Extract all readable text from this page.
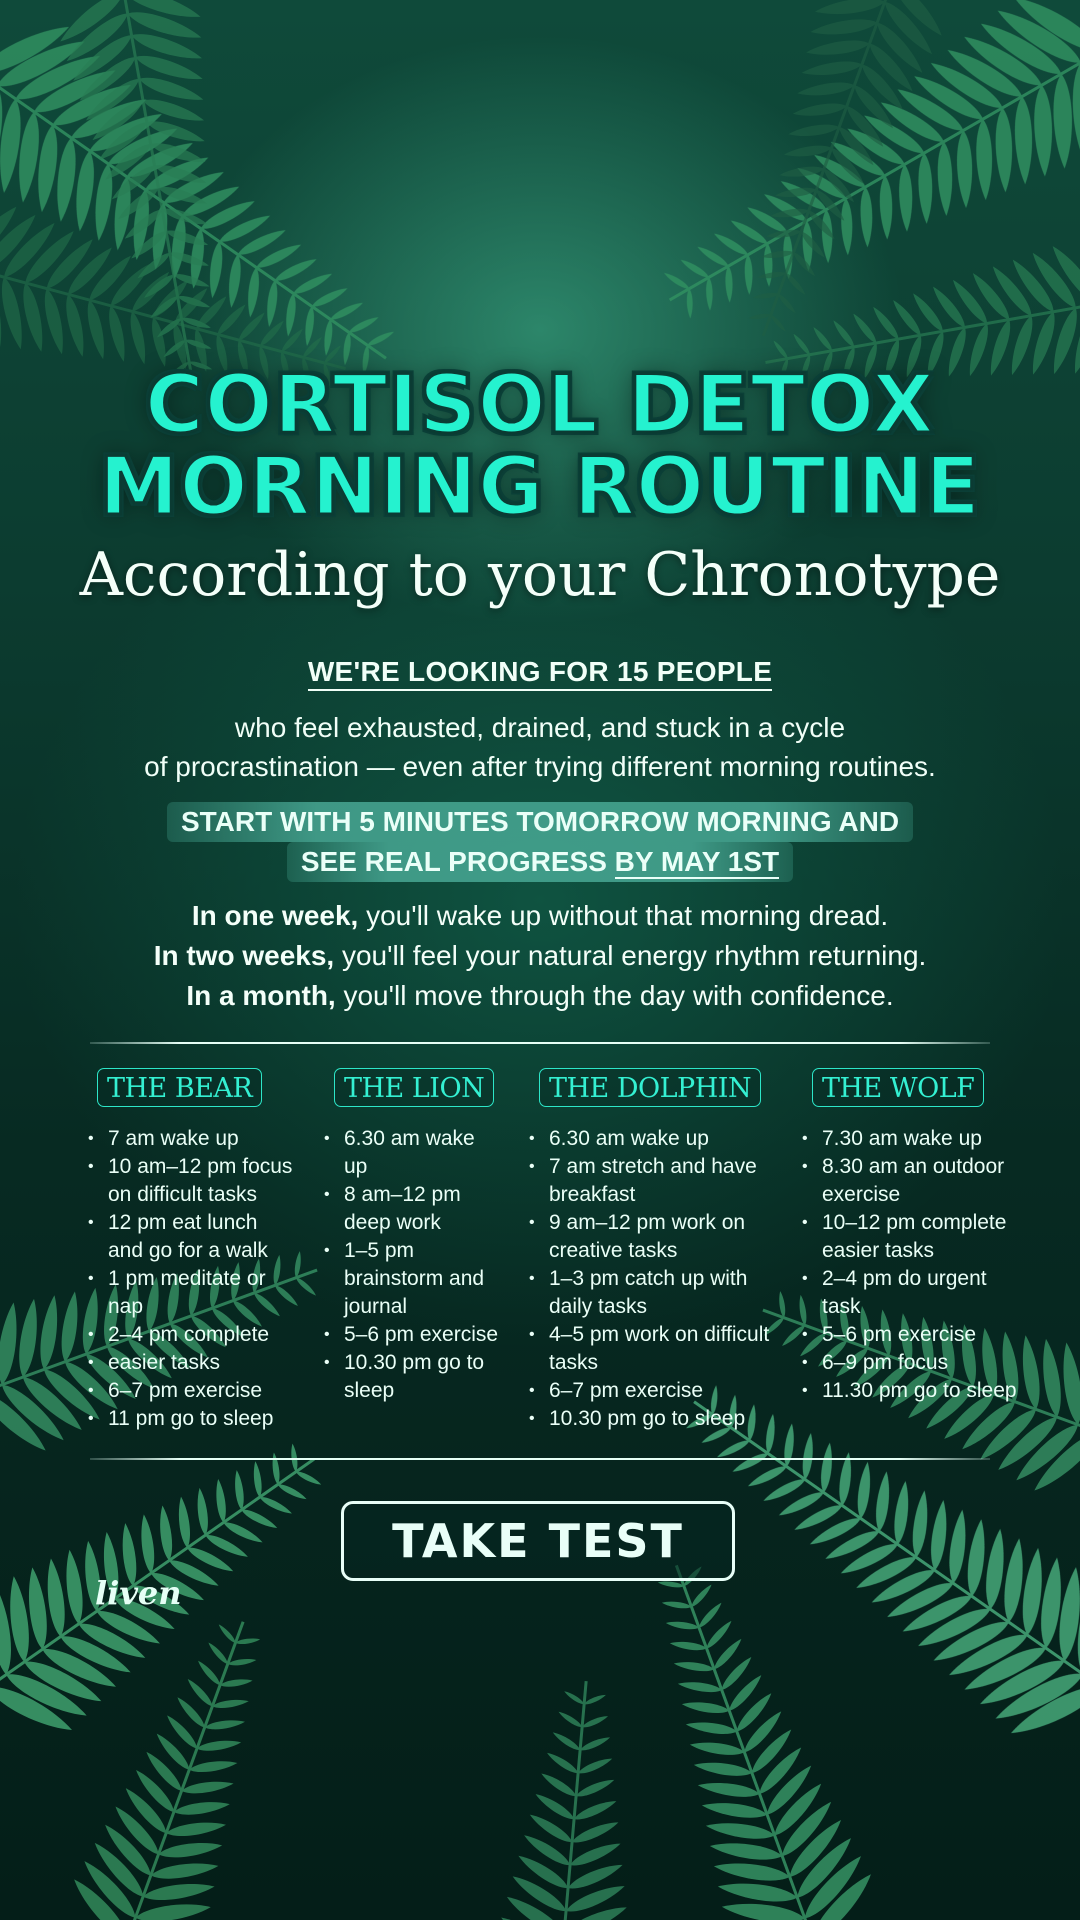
CORTISOL DETOX
MORNING ROUTINE
According to your Chronotype
WE'RE LOOKING FOR 15 PEOPLE
who feel exhausted, drained, and stuck in a cycle
of procrastination — even after trying different morning routines.
START WITH 5 MINUTES TOMORROW MORNING AND
SEE REAL PROGRESS BY MAY 1ST
In one week, you'll wake up without that morning dread.
In two weeks, you'll feel your natural energy rhythm returning.
In a month, you'll move through the day with confidence.
THE BEAR
• 7 am wake up
• 10 am–12 pm focus on difficult tasks
• 12 pm eat lunch and go for a walk
• 1 pm meditate or nap
• 2–4 pm complete
• easier tasks
• 6–7 pm exercise
• 11 pm go to sleep
THE LION
• 6.30 am wake up
• 8 am–12 pm deep work
• 1–5 pm brainstorm and journal
• 5–6 pm exercise
• 10.30 pm go to sleep
THE DOLPHIN
• 6.30 am wake up
• 7 am stretch and have breakfast
• 9 am–12 pm work on creative tasks
• 1–3 pm catch up with daily tasks
• 4–5 pm work on difficult tasks
• 6–7 pm exercise
• 10.30 pm go to sleep
THE WOLF
• 7.30 am wake up
• 8.30 am an outdoor exercise
• 10–12 pm complete easier tasks
• 2–4 pm do urgent task
• 5–6 pm exercise
• 6–9 pm focus
• 11.30 pm go to sleep
TAKE TEST
liven
